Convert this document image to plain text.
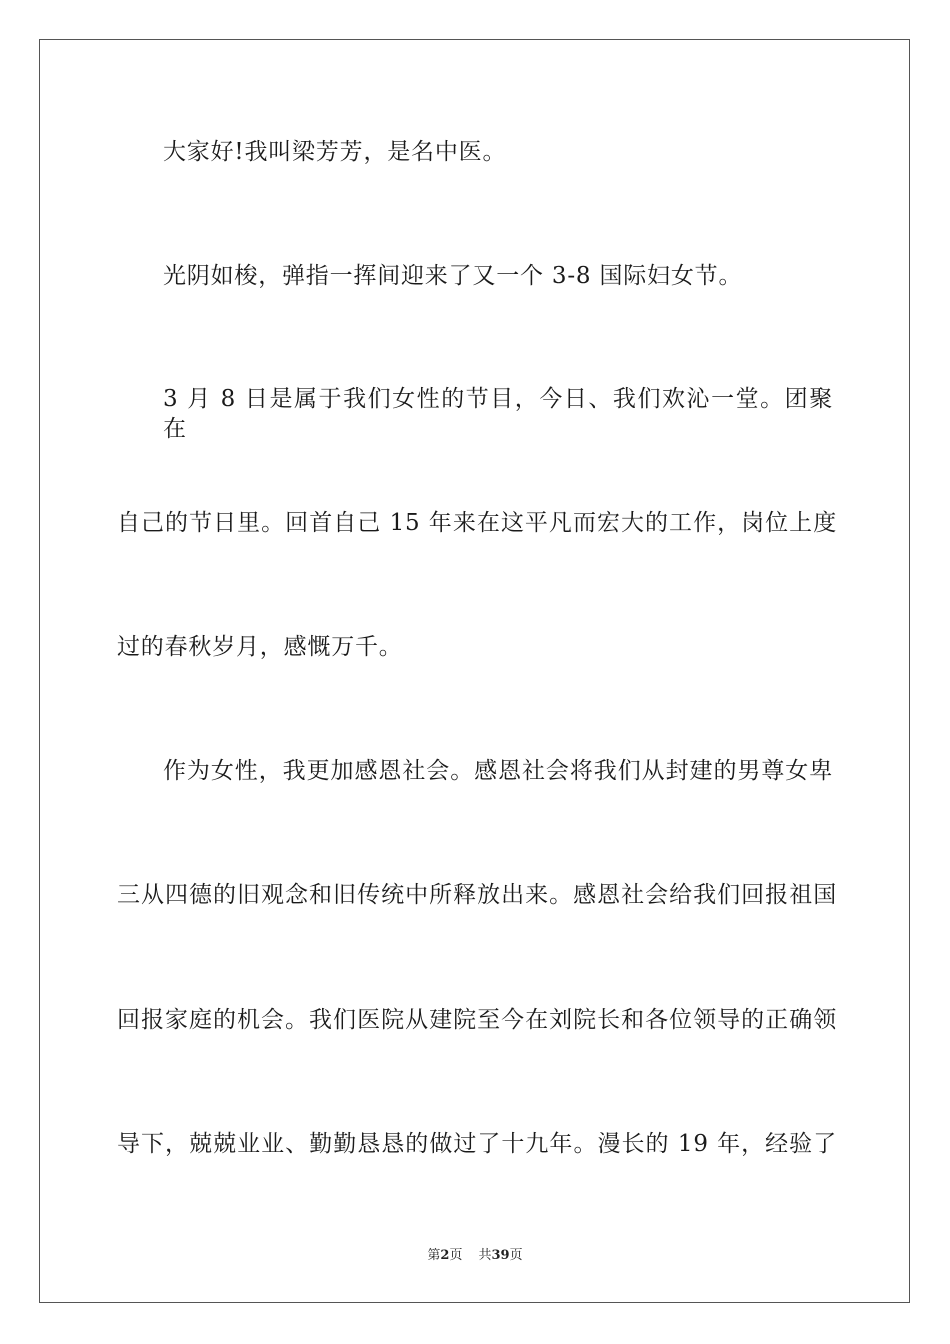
大家好!我叫梁芳芳，是名中医。
光阴如梭，弹指一挥间迎来了又一个 3-8 国际妇女节。
3 月 8 日是属于我们女性的节目，今日、我们欢沁一堂。团聚在
自己的节日里。回首自己 15 年来在这平凡而宏大的工作，岗位上度
过的春秋岁月，感慨万千。
作为女性，我更加感恩社会。感恩社会将我们从封建的男尊女卑
三从四德的旧观念和旧传统中所释放出来。感恩社会给我们回报祖国
回报家庭的机会。我们医院从建院至今在刘院长和各位领导的正确领
导下，兢兢业业、勤勤恳恳的做过了十九年。漫长的 19 年，经验了
第2页 共39页
